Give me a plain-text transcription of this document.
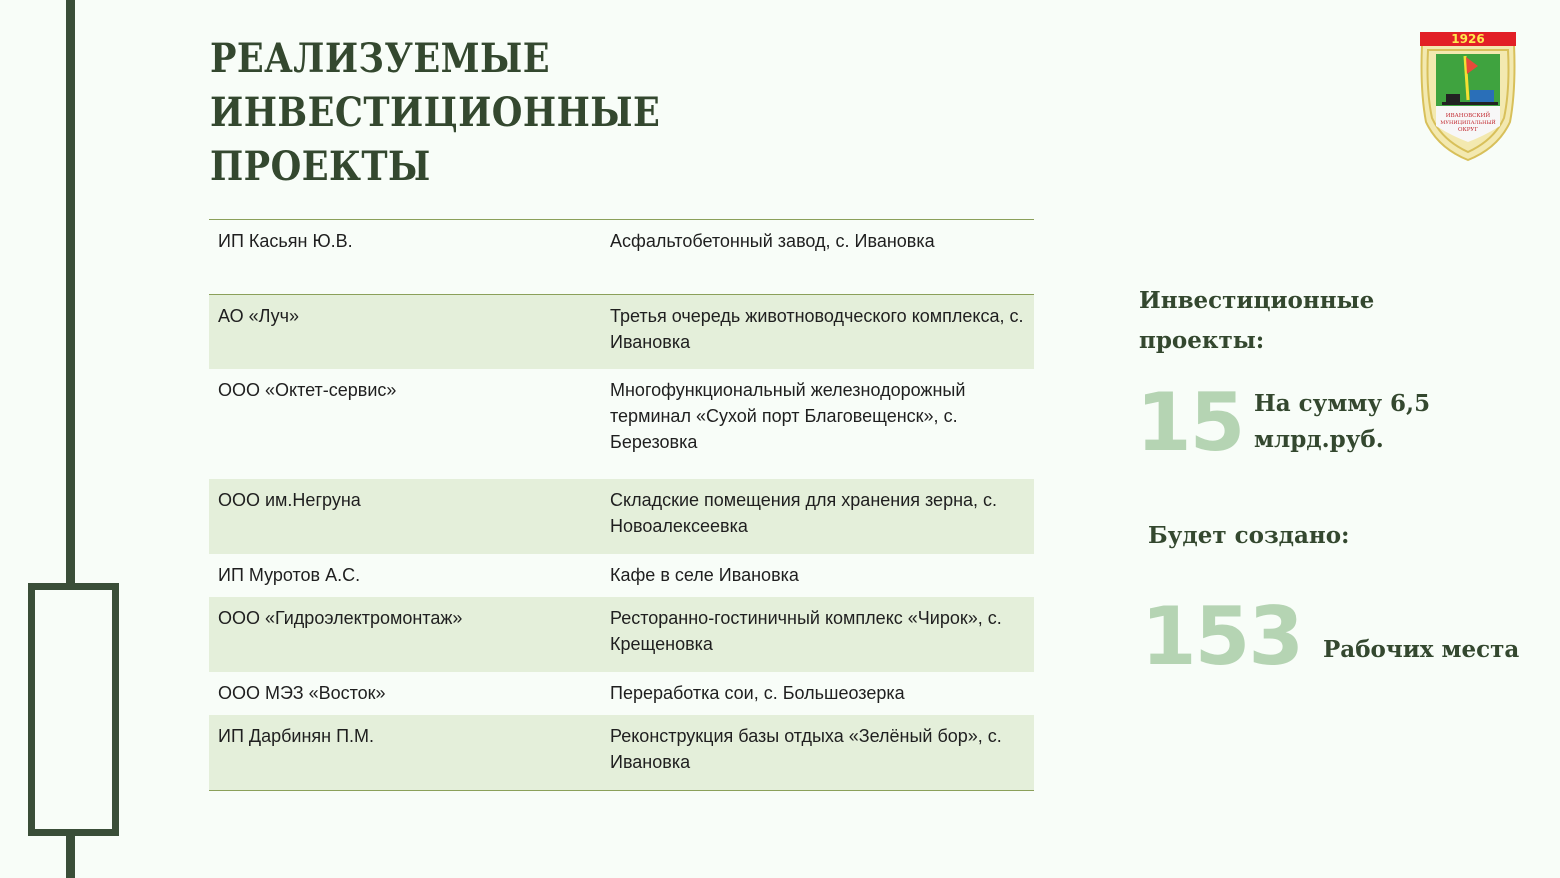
РЕАЛИЗУЕМЫЕ ИНВЕСТИЦИОННЫЕ
ПРОЕКТЫ
1926
ИВАНОВСКИЙ
МУНИЦИПАЛЬНЫЙ
ОКРУГ
ИП Касьян Ю.В.	Асфальтобетонный завод, с. Ивановка
АО «Луч»	Третья очередь животноводческого комплекса, с. Ивановка
ООО «Октет-сервис»	Многофункциональный железнодорожный терминал «Сухой порт Благовещенск», с. Березовка
ООО им.Негруна	Складские помещения для хранения зерна, с. Новоалексеевка
ИП Муротов А.С.	Кафе в селе Ивановка
ООО «Гидроэлектромонтаж»	Ресторанно-гостиничный комплекс «Чирок», с. Крещеновка
ООО МЭЗ «Восток»	Переработка сои, с. Большеозерка
ИП Дарбинян П.М.	Реконструкция базы отдыха «Зелёный бор», с. Ивановка
Инвестиционные
проекты:
15 На сумму 6,5
млрд.руб.
Будет создано:
153 Рабочих места
